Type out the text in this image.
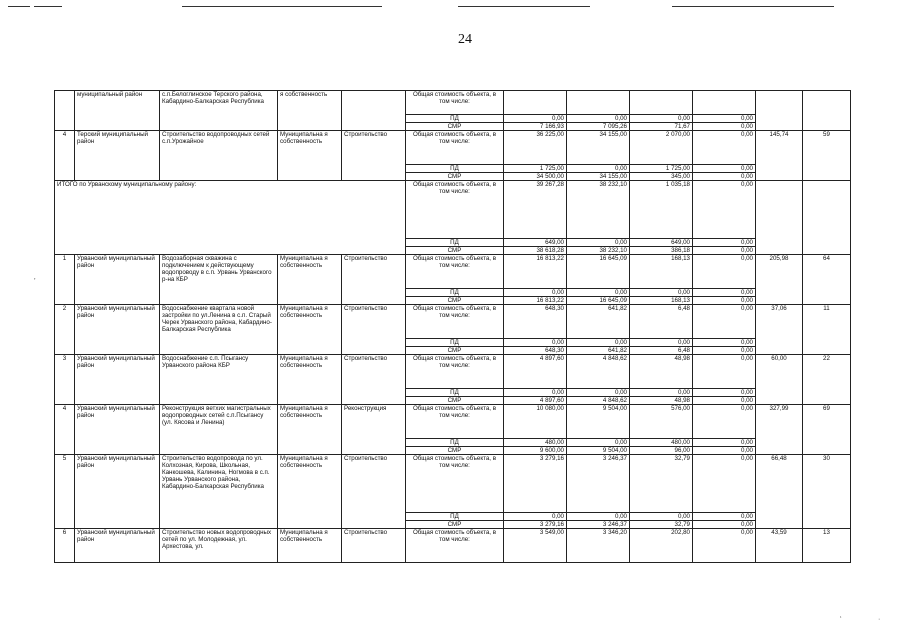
24
	муниципальный район	с.п.Белоглинское Терского района, Кабардино-Балкарская Республика	я собственность		Общая стоимость объекта, в том числе:						
					ПД	0,00	0,00	0,00	0,00		
					СМР	7 166,93	7 095,26	71,67	0,00		
4	Терский муниципальный район	Строительство водопроводных сетей с.п.Урожайное	Муниципальна я собственность	Строительство	Общая стоимость объекта, в том числе:	36 225,00	34 155,00	2 070,00	0,00	145,74	59
					ПД	1 725,00	0,00	1 725,00	0,00		
					СМР	34 500,00	34 155,00	345,00	0,00		
ИТОГО по Урванскому муниципальному району:					Общая стоимость объекта, в том числе:	39 267,28	38 232,10	1 035,18	0,00		
					ПД	649,00	0,00	649,00	0,00		
					СМР	38 618,28	38 232,10	386,18	0,00		
1	Урванский муниципальный район	Водозаборная скважина с подключением к действующему водопроводу в с.п. Урвань Урванского р-на КБР	Муниципальна я собственность	Строительство	Общая стоимость объекта, в том числе:	16 813,22	16 645,09	168,13	0,00	205,98	64
					ПД	0,00	0,00	0,00	0,00		
					СМР	16 813,22	16 645,09	168,13	0,00		
2	Урванский муниципальный район	Водоснабжение квартала новой застройки по ул.Ленина в с.п. Старый Черек Урванского района, Кабардино-Балкарская Республика	Муниципальна я собственность	Строительство	Общая стоимость объекта, в том числе:	648,30	641,82	6,48	0,00	37,06	11
					ПД	0,00	0,00	0,00	0,00		
					СМР	648,30	641,82	6,48	0,00		
3	Урванский муниципальный район	Водоснабжение с.п. Псыгансу Урванского района КБР	Муниципальна я собственность	Строительство	Общая стоимость объекта, в том числе:	4 897,60	4 848,62	48,98	0,00	60,00	22
					ПД	0,00	0,00	0,00	0,00		
					СМР	4 897,60	4 848,62	48,98	0,00		
4	Урванский муниципальный район	Реконструкция ветхих магистральных водопроводных сетей с.п.Псыгансу (ул. Кясова и Ленина)	Муниципальна я собственность	Реконструкция	Общая стоимость объекта, в том числе:	10 080,00	9 504,00	576,00	0,00	327,99	69
					ПД	480,00	0,00	480,00	0,00		
					СМР	9 600,00	9 504,00	96,00	0,00		
5	Урванский муниципальный район	Строительство водопровода по ул. Колхозная, Кирова, Школьная, Канкошева, Калинина, Ногмова в с.п. Урвань Урванского района, Кабардино-Балкарская Республика	Муниципальна я собственность	Строительство	Общая стоимость объекта, в том числе:	3 279,16	3 246,37	32,79	0,00	66,48	30
					ПД	0,00	0,00	0,00	0,00		
					СМР	3 279,16	3 246,37	32,79	0,00		
6	Урванский муниципальный район	Строительство новых водопроводных сетей по ул. Молодежная, ул. Архестова, ул.	Муниципальна я собственность	Строительство	Общая стоимость объекта, в том числе:	3 549,00	3 346,20	202,80	0,00	43,59	13
’
‘	·
